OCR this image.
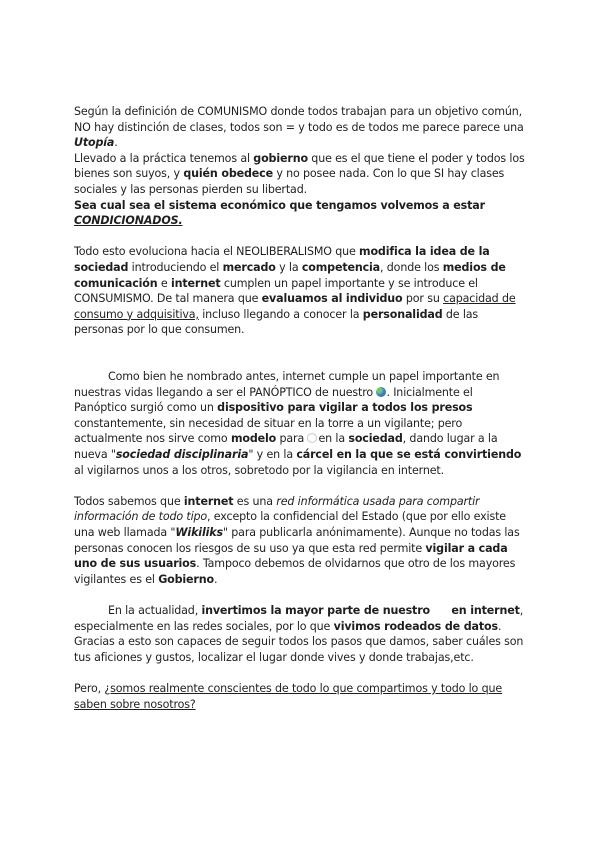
Según la definición de COMUNISMO donde todos trabajan para un objetivo común, NO hay distinción de clases, todos son = y todo es de todos me parece parece una Utopía.

Llevado a la práctica tenemos al gobierno que es el que tiene el poder y todos los bienes son suyos, y quién obedece y no posee nada. Con lo que SI hay clases sociales y las personas pierden su libertad.

Sea cual sea el sistema económico que tengamos volvemos a estar CONDICIONADOS.

Todo esto evoluciona hacia el NEOLIBERALISMO que modifica la idea de la sociedad introduciendo el mercado y la competencia, donde los medios de comunicación e internet cumplen un papel importante y se introduce el CONSUMISMO. De tal manera que evaluamos al individuo por su capacidad de consumo y adquisitiva, incluso llegando a conocer la personalidad de las personas por lo que consumen.

Como bien he nombrado antes, internet cumple un papel importante en nuestras vidas llegando a ser el PANÓPTICO de nuestro . Inicialmente el Panóptico surgió como un dispositivo para vigilar a todos los presos constantemente, sin necesidad de situar en la torre a un vigilante; pero actualmente nos sirve como modelo para en la sociedad, dando lugar a la nueva "sociedad disciplinaria" y en la cárcel en la que se está convirtiendo al vigilarnos unos a los otros, sobretodo por la vigilancia en internet.

Todos sabemos que internet es una red informática usada para compartir información de todo tipo, excepto la confidencial del Estado (que por ello existe una web llamada "Wikiliks" para publicarla anónimamente). Aunque no todas las personas conocen los riesgos de su uso ya que esta red permite vigilar a cada uno de sus usuarios. Tampoco debemos de olvidarnos que otro de los mayores vigilantes es el Gobierno.

En la actualidad, invertimos la mayor parte de nuestro en internet, especialmente en las redes sociales, por lo que vivimos rodeados de datos. Gracias a esto son capaces de seguir todos los pasos que damos, saber cuáles son tus aficiones y gustos, localizar el lugar donde vives y donde trabajas,etc.

Pero, ¿somos realmente conscientes de todo lo que compartimos y todo lo que saben sobre nosotros?
